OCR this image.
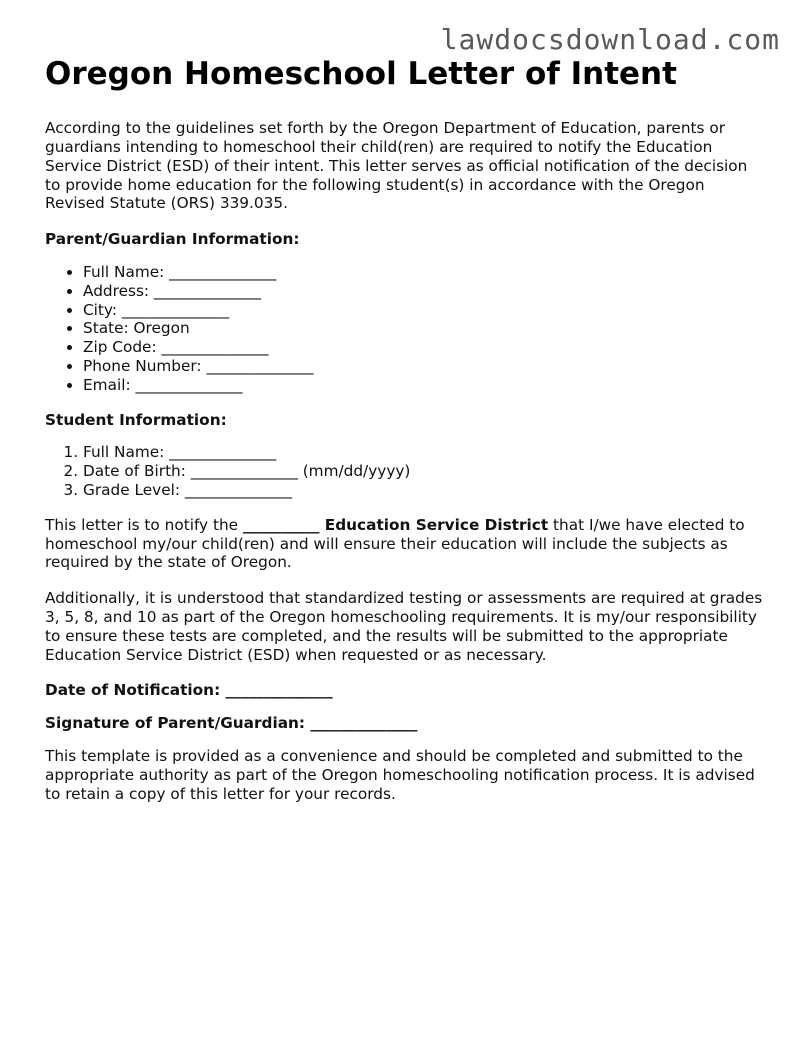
lawdocsdownload.com
Oregon Homeschool Letter of Intent

According to the guidelines set forth by the Oregon Department of Education, parents or guardians intending to homeschool their child(ren) are required to notify the Education Service District (ESD) of their intent. This letter serves as official notification of the decision to provide home education for the following student(s) in accordance with the Oregon Revised Statute (ORS) 339.035.

Parent/Guardian Information:

• Full Name: ______________
• Address: ______________
• City: ______________
• State: Oregon
• Zip Code: ______________
• Phone Number: ______________
• Email: ______________

Student Information:

1. Full Name: ______________
2. Date of Birth: ______________ (mm/dd/yyyy)
3. Grade Level: ______________

This letter is to notify the __________ Education Service District that I/we have elected to homeschool my/our child(ren) and will ensure their education will include the subjects as required by the state of Oregon.

Additionally, it is understood that standardized testing or assessments are required at grades 3, 5, 8, and 10 as part of the Oregon homeschooling requirements. It is my/our responsibility to ensure these tests are completed, and the results will be submitted to the appropriate Education Service District (ESD) when requested or as necessary.

Date of Notification: ______________

Signature of Parent/Guardian: ______________

This template is provided as a convenience and should be completed and submitted to the appropriate authority as part of the Oregon homeschooling notification process. It is advised to retain a copy of this letter for your records.
